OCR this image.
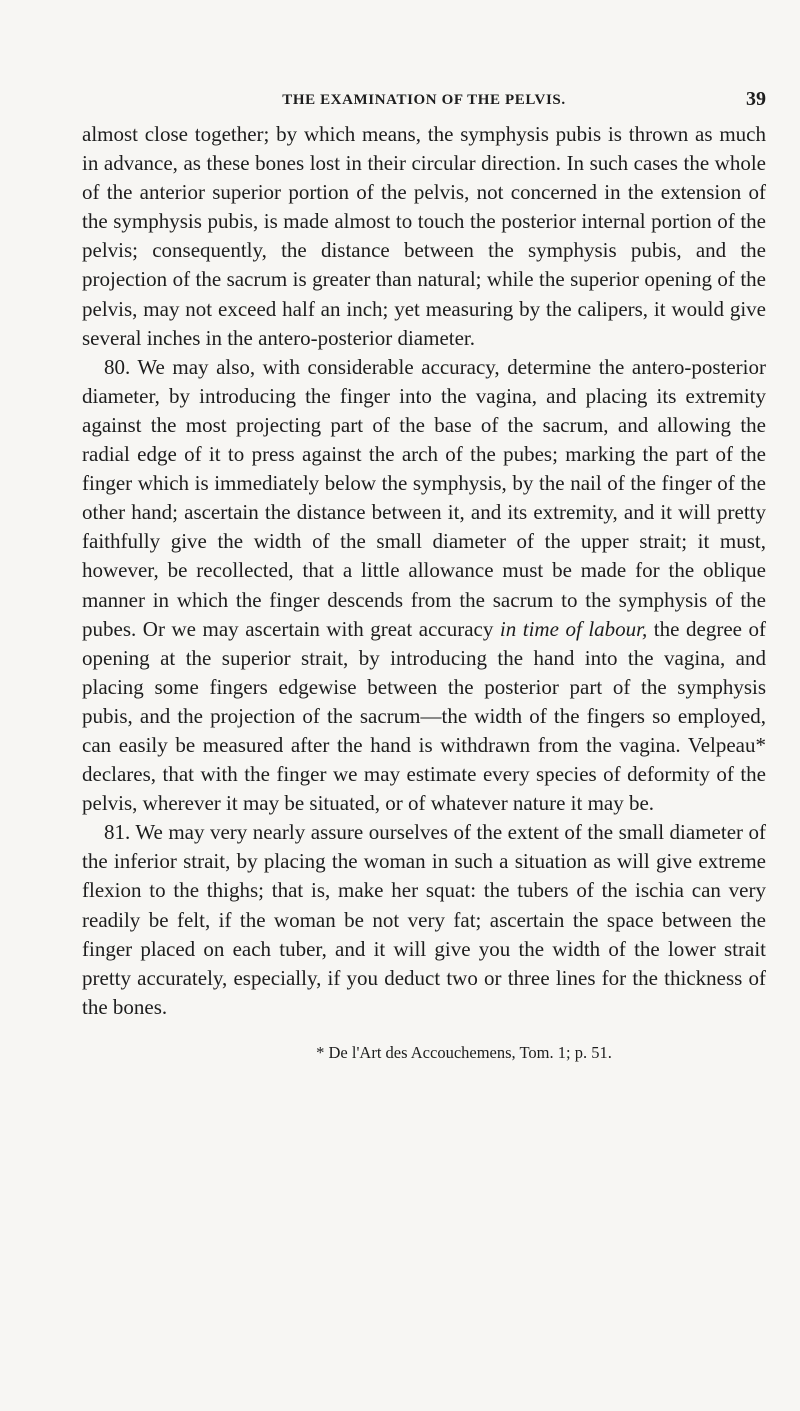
THE EXAMINATION OF THE PELVIS.	39

almost close together; by which means, the symphysis pubis is thrown as much in advance, as these bones lost in their circular direction. In such cases the whole of the anterior superior portion of the pelvis, not concerned in the extension of the symphysis pubis, is made almost to touch the posterior internal portion of the pelvis; consequently, the distance between the symphysis pubis, and the projection of the sacrum is greater than natural; while the superior opening of the pelvis, may not exceed half an inch; yet measuring by the calipers, it would give several inches in the antero-posterior diameter.

80. We may also, with considerable accuracy, determine the antero-posterior diameter, by introducing the finger into the vagina, and placing its extremity against the most projecting part of the base of the sacrum, and allowing the radial edge of it to press against the arch of the pubes; marking the part of the finger which is immediately below the symphysis, by the nail of the finger of the other hand; ascertain the distance between it, and its extremity, and it will pretty faithfully give the width of the small diameter of the upper strait; it must, however, be recollected, that a little allowance must be made for the oblique manner in which the finger descends from the sacrum to the symphysis of the pubes. Or we may ascertain with great accuracy in time of labour, the degree of opening at the superior strait, by introducing the hand into the vagina, and placing some fingers edgewise between the posterior part of the symphysis pubis, and the projection of the sacrum—the width of the fingers so employed, can easily be measured after the hand is withdrawn from the vagina. Velpeau* declares, that with the finger we may estimate every species of deformity of the pelvis, wherever it may be situated, or of whatever nature it may be.

81. We may very nearly assure ourselves of the extent of the small diameter of the inferior strait, by placing the woman in such a situation as will give extreme flexion to the thighs; that is, make her squat: the tubers of the ischia can very readily be felt, if the woman be not very fat; ascertain the space between the finger placed on each tuber, and it will give you the width of the lower strait pretty accurately, especially, if you deduct two or three lines for the thickness of the bones.

* De l'Art des Accouchemens, Tom. 1; p. 51.
